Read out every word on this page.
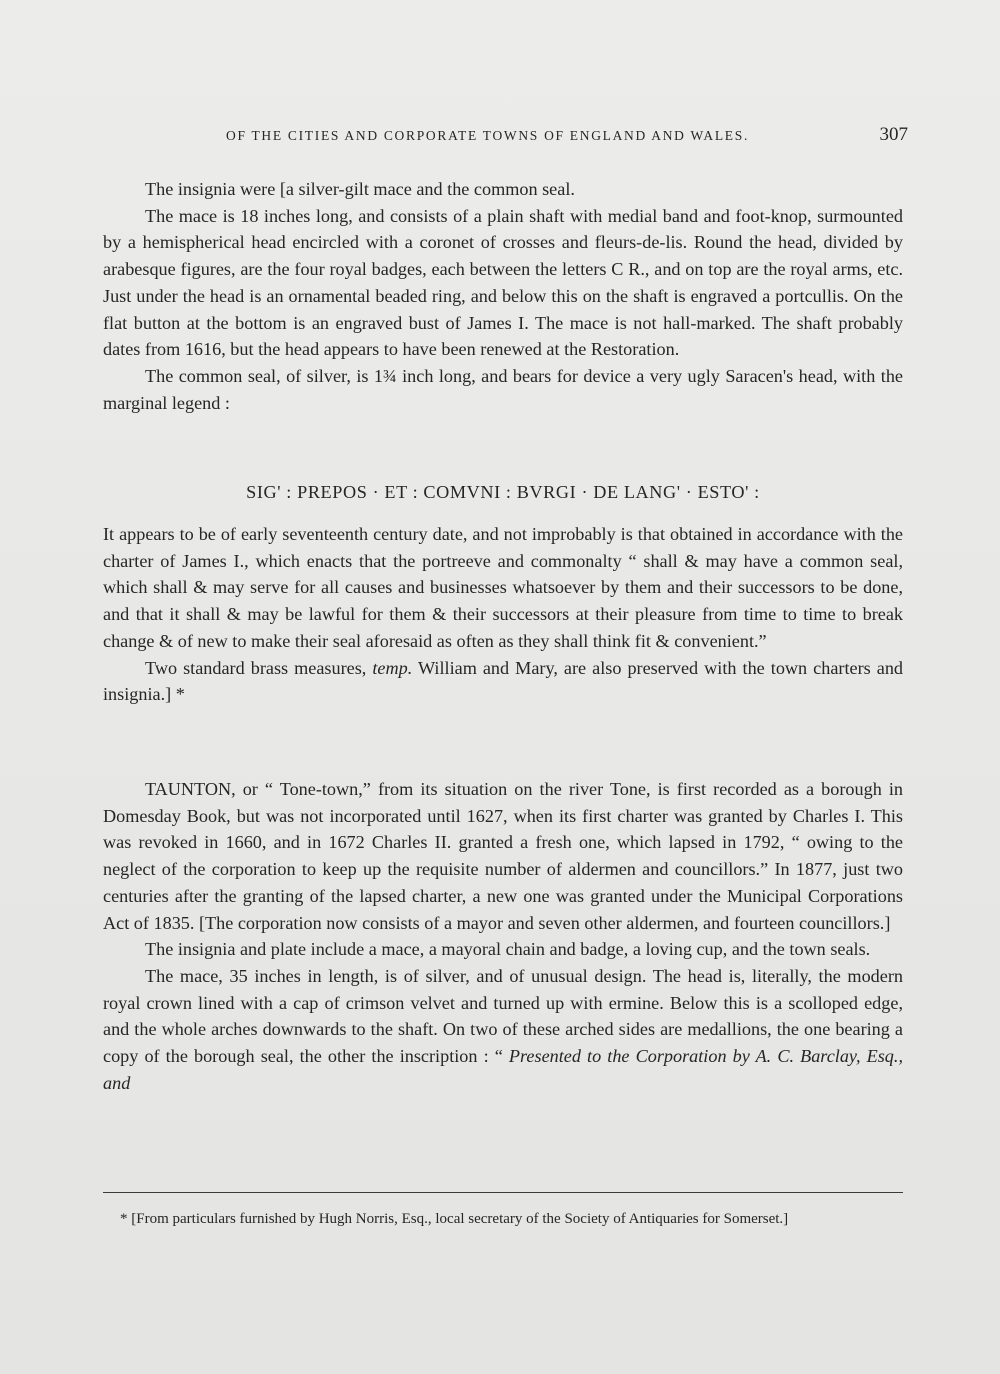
OF THE CITIES AND CORPORATE TOWNS OF ENGLAND AND WALES.	307

The insignia were [a silver-gilt mace and the common seal.

The mace is 18 inches long, and consists of a plain shaft with medial band and foot-knop, surmounted by a hemispherical head encircled with a coronet of crosses and fleurs-de-lis. Round the head, divided by arabesque figures, are the four royal badges, each between the letters C R., and on top are the royal arms, etc. Just under the head is an ornamental beaded ring, and below this on the shaft is engraved a portcullis. On the flat button at the bottom is an engraved bust of James I. The mace is not hall-marked. The shaft probably dates from 1616, but the head appears to have been renewed at the Restoration.

The common seal, of silver, is 1¾ inch long, and bears for device a very ugly Saracen's head, with the marginal legend :

SIG' : PREPOS · ET : COMVNI : BVRGI · DE LANG' · ESTO' :

It appears to be of early seventeenth century date, and not improbably is that obtained in accordance with the charter of James I., which enacts that the portreeve and commonalty “ shall & may have a common seal, which shall & may serve for all causes and businesses whatsoever by them and their successors to be done, and that it shall & may be lawful for them & their successors at their pleasure from time to time to break change & of new to make their seal aforesaid as often as they shall think fit & convenient.”

Two standard brass measures, temp. William and Mary, are also preserved with the town charters and insignia.] *

TAUNTON, or “ Tone-town,” from its situation on the river Tone, is first recorded as a borough in Domesday Book, but was not incorporated until 1627, when its first charter was granted by Charles I. This was revoked in 1660, and in 1672 Charles II. granted a fresh one, which lapsed in 1792, “ owing to the neglect of the corporation to keep up the requisite number of aldermen and councillors.” In 1877, just two centuries after the granting of the lapsed charter, a new one was granted under the Municipal Corporations Act of 1835. [The corporation now consists of a mayor and seven other aldermen, and fourteen councillors.]

The insignia and plate include a mace, a mayoral chain and badge, a loving cup, and the town seals.

The mace, 35 inches in length, is of silver, and of unusual design. The head is, literally, the modern royal crown lined with a cap of crimson velvet and turned up with ermine. Below this is a scolloped edge, and the whole arches downwards to the shaft. On two of these arched sides are medallions, the one bearing a copy of the borough seal, the other the inscription : “ Presented to the Corporation by A. C. Barclay, Esq., and

* [From particulars furnished by Hugh Norris, Esq., local secretary of the Society of Antiquaries for Somerset.]
